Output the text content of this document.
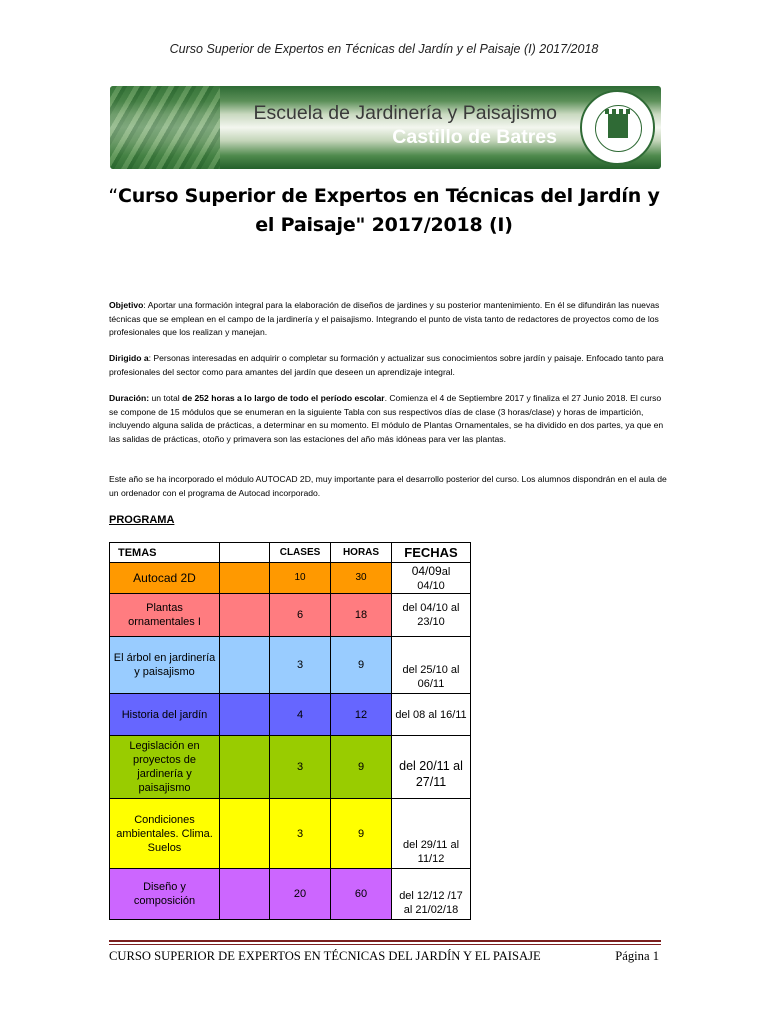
Curso Superior de Expertos en Técnicas del Jardín y el Paisaje (I) 2017/2018
Escuela de Jardinería y Paisajismo
Castillo de Batres
“Curso Superior de Expertos en Técnicas del Jardín y el Paisaje" 2017/2018 (I)
Objetivo: Aportar una formación integral para la elaboración de diseños de jardines y su posterior mantenimiento. En él se difundirán las nuevas técnicas que se emplean en el campo de la jardinería y el paisajismo. Integrando el punto de vista tanto de redactores de proyectos como de los profesionales que los realizan y manejan.
Dirigido a: Personas interesadas en adquirir o completar su formación y actualizar sus conocimientos sobre jardín y paisaje. Enfocado tanto para profesionales del sector como para amantes del jardín que deseen un aprendizaje integral.
Duración: un total de 252 horas a lo largo de todo el período escolar. Comienza el 4 de Septiembre 2017 y finaliza el 27 Junio 2018. El curso se compone de 15 módulos que se enumeran en la siguiente Tabla con sus respectivos días de clase (3 horas/clase) y horas de impartición, incluyendo alguna salida de prácticas, a determinar en su momento. El módulo de Plantas Ornamentales, se ha dividido en dos partes, ya que en las salidas de prácticas, otoño y primavera son las estaciones del año más idóneas para ver las plantas.
Este año se ha incorporado el módulo AUTOCAD 2D, muy importante para el desarrollo posterior del curso. Los alumnos dispondrán en el aula de un ordenador con el programa de Autocad incorporado.
PROGRAMA
TEMAS		CLASES	HORAS	FECHAS
Autocad 2D		10	30	04/09al
04/10
Plantas ornamentales I		6	18	del 04/10 al 23/10
El árbol en jardinería y paisajismo		3	9	del 25/10 al 06/11
Historia del jardín		4	12	del 08 al 16/11
Legislación en proyectos de jardinería y paisajismo		3	9	del 20/11 al 27/11
Condiciones ambientales. Clima. Suelos		3	9	del 29/11 al 11/12
Diseño y composición		20	60	del 12/12 /17 al 21/02/18
CURSO SUPERIOR DE EXPERTOS EN TÉCNICAS DEL JARDÍN Y EL PAISAJE	Página 1
